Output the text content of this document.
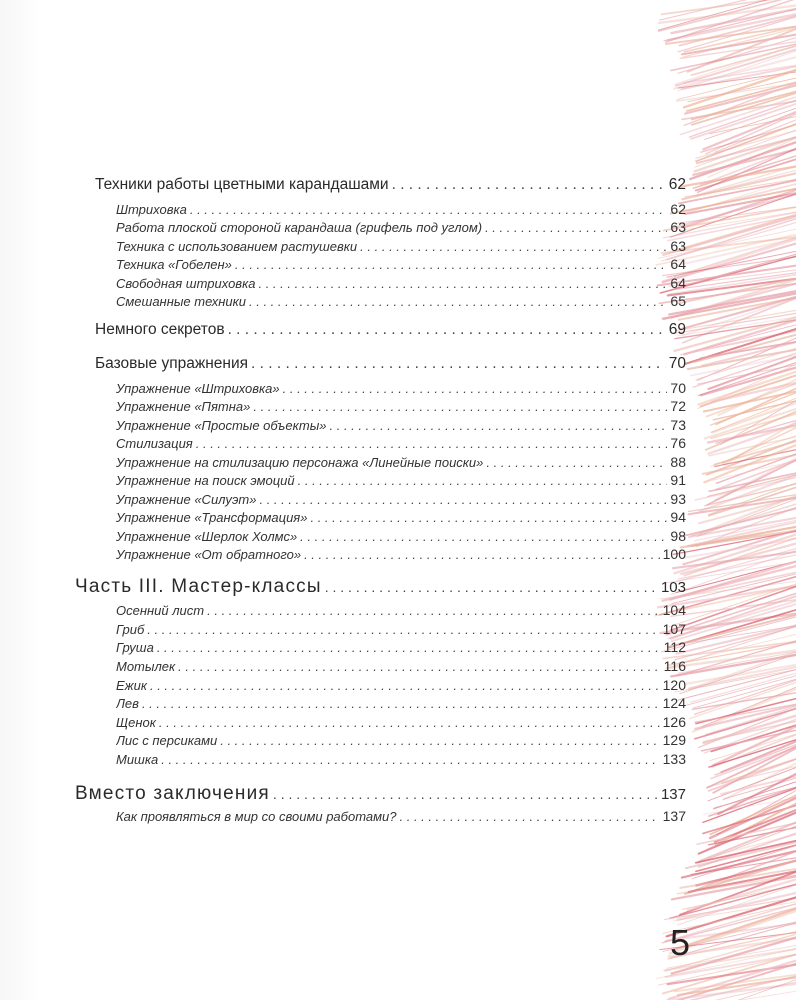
Техники работы цветными карандашами . . .	62
Штриховка . . .	62
Работа плоской стороной карандаша (грифель под углом) . . .	63
Техника с использованием растушевки . . .	63
Техника «Гобелен» . . .	64
Свободная штриховка . . .	64
Смешанные техники . . .	65
Немного секретов . . .	69
Базовые упражнения . . .	70
Упражнение «Штриховка» . . .	70
Упражнение «Пятна» . . .	72
Упражнение «Простые объекты» . . .	73
Стилизация . . .	76
Упражнение на стилизацию персонажа «Линейные поиски» . . .	88
Упражнение на поиск эмоций . . .	91
Упражнение «Силуэт» . . .	93
Упражнение «Трансформация» . . .	94
Упражнение «Шерлок Холмс» . . .	98
Упражнение «От обратного» . . .	100
Часть III. Мастер-классы . . .	103
Осенний лист . . .	104
Гриб . . .	107
Груша . . .	112
Мотылек . . .	116
Ежик . . .	120
Лев . . .	124
Щенок . . .	126
Лис с персиками . . .	129
Мишка . . .	133
Вместо заключения . . .	137
Как проявляться в мир со своими работами? . . .	137
5
